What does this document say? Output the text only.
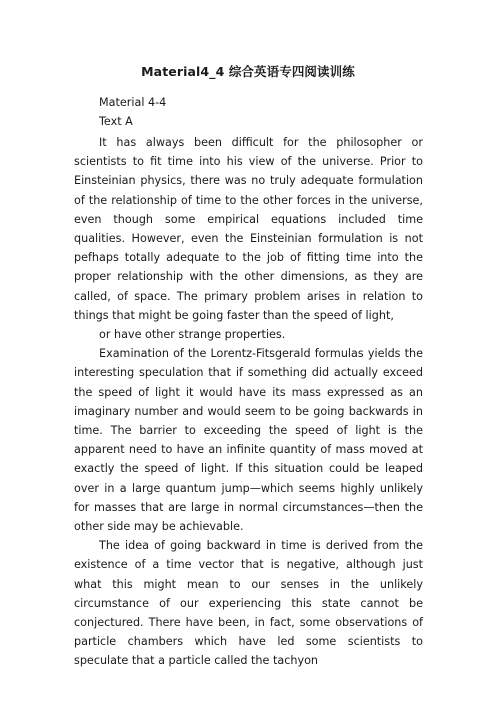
Material4_4 综合英语专四阅读训练
Material 4-4
Text A

It has always been difficult for the philosopher or scientists to fit time into his view of the universe. Prior to Einsteinian physics, there was no truly adequate formulation of the relationship of time to the other forces in the universe, even though some empirical equations included time qualities. However, even the Einsteinian formulation is not pefhaps totally adequate to the job of fitting time into the proper relationship with the other dimensions, as they are called, of space. The primary problem arises in relation to things that might be going faster than the speed of light,

or have other strange properties.

Examination of the Lorentz-Fitsgerald formulas yields the interesting speculation that if something did actually exceed the speed of light it would have its mass expressed as an imaginary number and would seem to be going backwards in time. The barrier to exceeding the speed of light is the apparent need to have an infinite quantity of mass moved at exactly the speed of light. If this situation could be leaped over in a large quantum jump—which seems highly unlikely for masses that are large in normal circumstances—then the other side may be achievable.

The idea of going backward in time is derived from the existence of a time vector that is negative, although just what this might mean to our senses in the unlikely circumstance of our experiencing this state cannot be conjectured. There have been, in fact, some observations of particle chambers which have led some scientists to speculate that a particle called the tachyon
